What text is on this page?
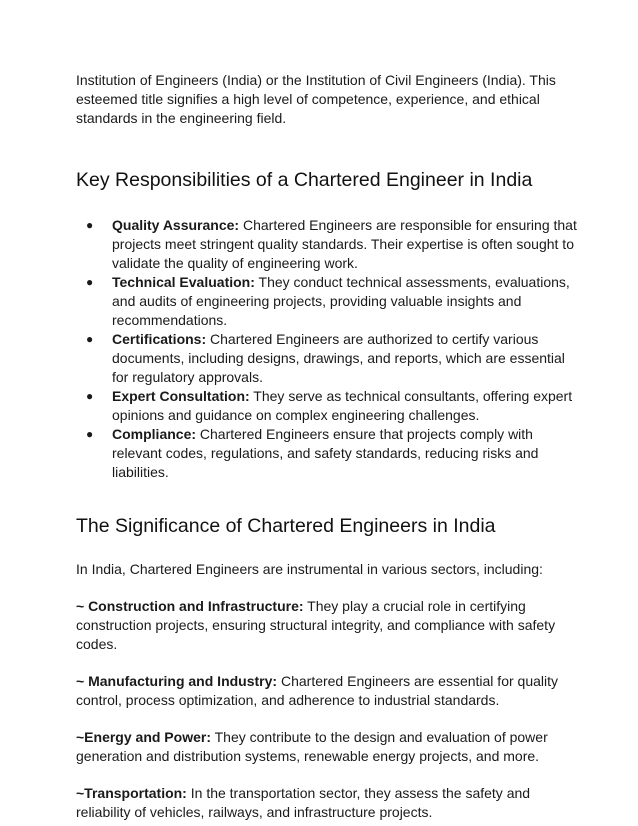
Institution of Engineers (India) or the Institution of Civil Engineers (India). This esteemed title signifies a high level of competence, experience, and ethical standards in the engineering field.

Key Responsibilities of a Chartered Engineer in India
● Quality Assurance: Chartered Engineers are responsible for ensuring that projects meet stringent quality standards. Their expertise is often sought to validate the quality of engineering work.
● Technical Evaluation: They conduct technical assessments, evaluations, and audits of engineering projects, providing valuable insights and recommendations.
● Certifications: Chartered Engineers are authorized to certify various documents, including designs, drawings, and reports, which are essential for regulatory approvals.
● Expert Consultation: They serve as technical consultants, offering expert opinions and guidance on complex engineering challenges.
● Compliance: Chartered Engineers ensure that projects comply with relevant codes, regulations, and safety standards, reducing risks and liabilities.
The Significance of Chartered Engineers in India

In India, Chartered Engineers are instrumental in various sectors, including:

~ Construction and Infrastructure: They play a crucial role in certifying construction projects, ensuring structural integrity, and compliance with safety codes.

~ Manufacturing and Industry: Chartered Engineers are essential for quality control, process optimization, and adherence to industrial standards.

~Energy and Power: They contribute to the design and evaluation of power generation and distribution systems, renewable energy projects, and more.

~Transportation: In the transportation sector, they assess the safety and reliability of vehicles, railways, and infrastructure projects.
